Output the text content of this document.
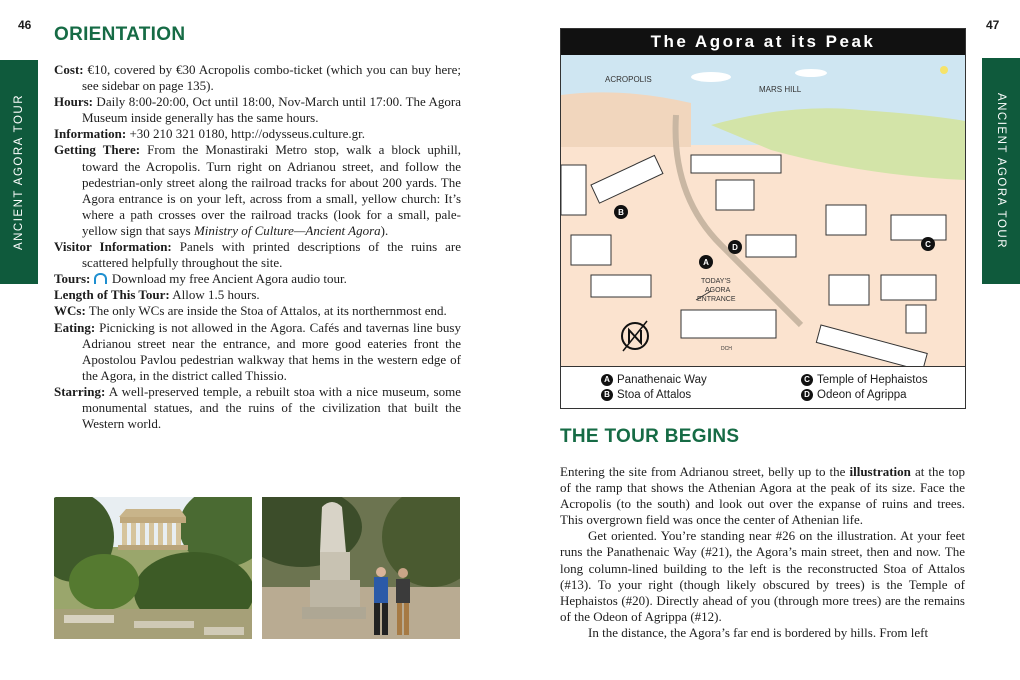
46
ANCIENT AGORA TOUR
ORIENTATION

Cost: €10, covered by €30 Acropolis combo-ticket (which you can buy here; see sidebar on page 135).

Hours: Daily 8:00-20:00, Oct until 18:00, Nov-March until 17:00. The Agora Museum inside generally has the same hours.

Information: +30 210 321 0180, http://odysseus.culture.gr.

Getting There: From the Monastiraki Metro stop, walk a block uphill, toward the Acropolis. Turn right on Adrianou street, and follow the pedestrian-only street along the railroad tracks for about 200 yards. The Agora entrance is on your left, across from a small, yellow church: It’s where a path crosses over the railroad tracks (look for a small, pale-yellow sign that says Ministry of Culture—Ancient Agora).

Visitor Information: Panels with printed descriptions of the ruins are scattered helpfully throughout the site.

Tours:  Download my free Ancient Agora audio tour.

Length of This Tour: Allow 1.5 hours.

WCs: The only WCs are inside the Stoa of Attalos, at its northernmost end.

Eating: Picnicking is not allowed in the Agora. Cafés and tavernas line busy Adrianou street near the entrance, and more good eateries front the Apostolou Pavlou pedestrian walkway that hems in the western edge of the Agora, in the district called Thissio.

Starring: A well-preserved temple, a rebuilt stoa with a nice museum, some monumental statues, and the ruins of the civilization that built the Western world.

47
ANCIENT AGORA TOUR
The Agora at its Peak
ACROPOLIS
MARS HILL
TODAY’S
AGORA
ENTRANCE
DCH
A
B
C
D
A Panathenaic Way
B Stoa of Attalos
C Temple of Hephaistos
D Odeon of Agrippa
THE TOUR BEGINS

Entering the site from Adrianou street, belly up to the illustration at the top of the ramp that shows the Athenian Agora at the peak of its size. Face the Acropolis (to the south) and look out over the expanse of ruins and trees. This overgrown field was once the center of Athenian life.

Get oriented. You’re standing near #26 on the illustration. At your feet runs the Panathenaic Way (#21), the Agora’s main street, then and now. The long column-lined building to the left is the reconstructed Stoa of Attalos (#13). To your right (though likely obscured by trees) is the Temple of Hephaistos (#20). Directly ahead of you (through more trees) are the remains of the Odeon of Agrippa (#12).

In the distance, the Agora’s far end is bordered by hills. From left
